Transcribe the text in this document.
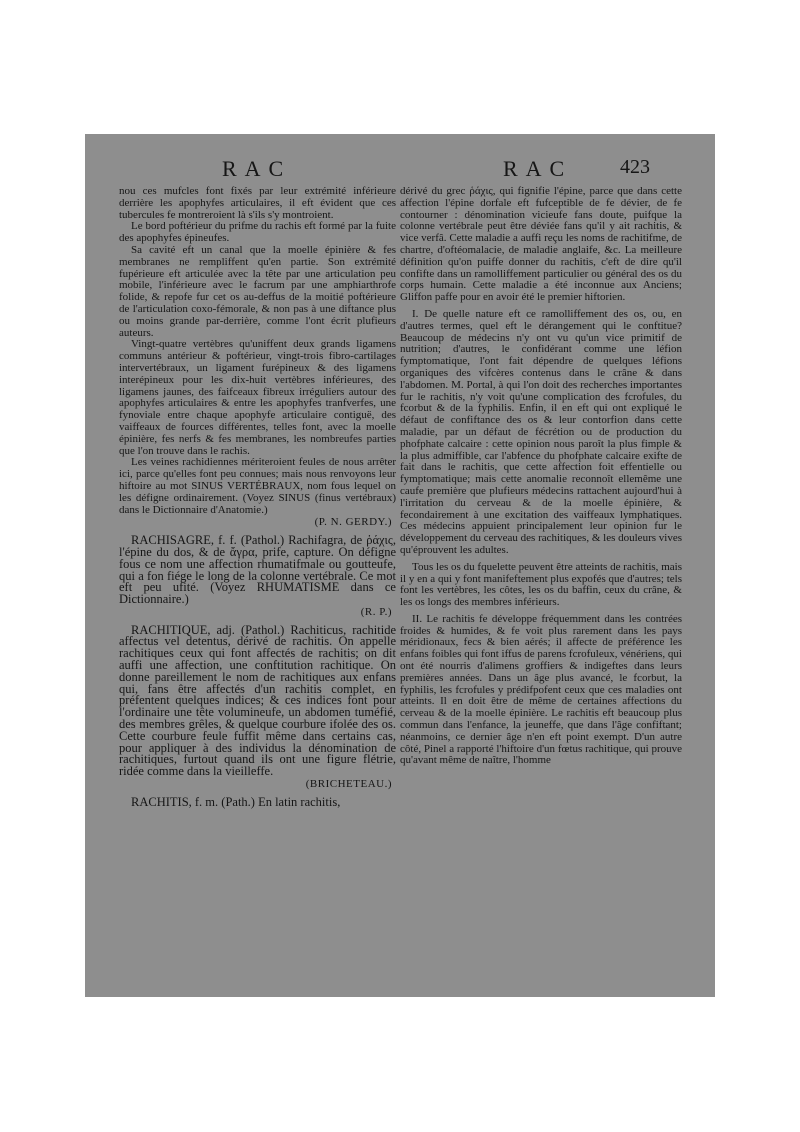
RAC	RAC 423

nou ces mufcles font fixés par leur extrémité inférieure derrière les apophyfes articulaires, il eft évident que ces tubercules fe montreroient là s'ils s'y montroient.

Le bord poftérieur du prifme du rachis eft formé par la fuite des apophyfes épineufes.

Sa cavité eft un canal que la moelle épinière & fes membranes ne rempliffent qu'en partie. Son extrémité fupérieure eft articulée avec la tête par une articulation peu mobile, l'inférieure avec le facrum par une amphiarthrofe folide, & repofe fur cet os au-deffus de la moitié poftérieure de l'articulation coxo-fémorale, & non pas à une diftance plus ou moins grande par-derrière, comme l'ont écrit plufieurs auteurs.

Vingt-quatre vertèbres qu'uniffent deux grands ligamens communs antérieur & poftérieur, vingt-trois fibro-cartilages intervertébraux, un ligament furépineux & des ligamens interépineux pour les dix-huit vertèbres inférieures, des ligamens jaunes, des faifceaux fibreux irréguliers autour des apophyfes articulaires & entre les apophyfes tranfverfes, une fynoviale entre chaque apophyfe articulaire contiguë, des vaiffeaux de fources différentes, telles font, avec la moelle épinière, fes nerfs & fes membranes, les nombreufes parties que l'on trouve dans le rachis.

Les veines rachidiennes mériteroient feules de nous arrêter ici, parce qu'elles font peu connues; mais nous renvoyons leur hiftoire au mot SINUS VERTÉBRAUX, nom fous lequel on les défigne ordinairement. (Voyez SINUS (finus vertébraux) dans le Dictionnaire d'Anatomie.)

(P. N. GERDY.)

RACHISAGRE, f. f. (Pathol.) Rachifagra, de ῥάχις, l'épine du dos, & de ἄγρα, prife, capture. On défigne fous ce nom une affection rhumatifmale ou goutteufe, qui a fon fiége le long de la colonne vertébrale. Ce mot eft peu ufité. (Voyez RHUMATISME dans ce Dictionnaire.)

(R. P.)

RACHITIQUE, adj. (Pathol.) Rachiticus, rachitide affectus vel detentus, dérivé de rachitis. On appelle rachitiques ceux qui font affectés de rachitis; on dit auffi une affection, une conftitution rachitique. On donne pareillement le nom de rachitiques aux enfans qui, fans être affectés d'un rachitis complet, en préfentent quelques indices; & ces indices font pour l'ordinaire une tête volumineufe, un abdomen tuméfié, des membres grêles, & quelque courbure ifolée des os. Cette courbure feule fuffit même dans certains cas, pour appliquer à des individus la dénomination de rachitiques, furtout quand ils ont une figure flétrie, ridée comme dans la vieilleffe.

(BRICHETEAU.)

RACHITIS, f. m. (Path.) En latin rachitis,

dérivé du grec ῥάχις, qui fignifie l'épine, parce que dans cette affection l'épine dorfale eft fufceptible de fe dévier, de fe contourner : dénomination vicieufe fans doute, puifque la colonne vertébrale peut être déviée fans qu'il y ait rachitis, & vice verfâ. Cette maladie a auffi reçu les noms de rachitifme, de chartre, d'oftéomalacie, de maladie anglaife, &c. La meilleure définition qu'on puiffe donner du rachitis, c'eft de dire qu'il confifte dans un ramolliffement particulier ou général des os du corps humain. Cette maladie a été inconnue aux Anciens; Gliffon paffe pour en avoir été le premier hiftorien.

I. De quelle nature eft ce ramolliffement des os, ou, en d'autres termes, quel eft le dérangement qui le conftitue? Beaucoup de médecins n'y ont vu qu'un vice primitif de nutrition; d'autres, le confidérant comme une léfion fymptomatique, l'ont fait dépendre de quelques léfions organiques des vifcères contenus dans le crâne & dans l'abdomen. M. Portal, à qui l'on doit des recherches importantes fur le rachitis, n'y voit qu'une complication des fcrofules, du fcorbut & de la fyphilis. Enfin, il en eft qui ont expliqué le défaut de confiftance des os & leur contorfion dans cette maladie, par un défaut de fécrétion ou de production du phofphate calcaire : cette opinion nous paroît la plus fimple & la plus admiffible, car l'abfence du phofphate calcaire exifte de fait dans le rachitis, que cette affection foit effentielle ou fymptomatique; mais cette anomalie reconnoît ellemême une caufe première que plufieurs médecins rattachent aujourd'hui à l'irritation du cerveau & de la moelle épinière, & fecondairement à une excitation des vaiffeaux lymphatiques. Ces médecins appuient principalement leur opinion fur le développement du cerveau des rachitiques, & les douleurs vives qu'éprouvent les adultes.

Tous les os du fquelette peuvent être atteints de rachitis, mais il y en a qui y font manifeftement plus expofés que d'autres; tels font les vertèbres, les côtes, les os du baffin, ceux du crâne, & les os longs des membres inférieurs.

II. Le rachitis fe développe fréquemment dans les contrées froides & humides, & fe voit plus rarement dans les pays méridionaux, fecs & bien aérés; il affecte de préférence les enfans foibles qui font iffus de parens fcrofuleux, vénériens, qui ont été nourris d'alimens groffiers & indigeftes dans leurs premières années. Dans un âge plus avancé, le fcorbut, la fyphilis, les fcrofules y prédifpofent ceux que ces maladies ont atteints. Il en doit être de même de certaines affections du cerveau & de la moelle épinière. Le rachitis eft beaucoup plus commun dans l'enfance, la jeuneffe, que dans l'âge confiftant; néanmoins, ce dernier âge n'en eft point exempt. D'un autre côté, Pinel a rapporté l'hiftoire d'un fœtus rachitique, qui prouve qu'avant même de naître, l'homme
